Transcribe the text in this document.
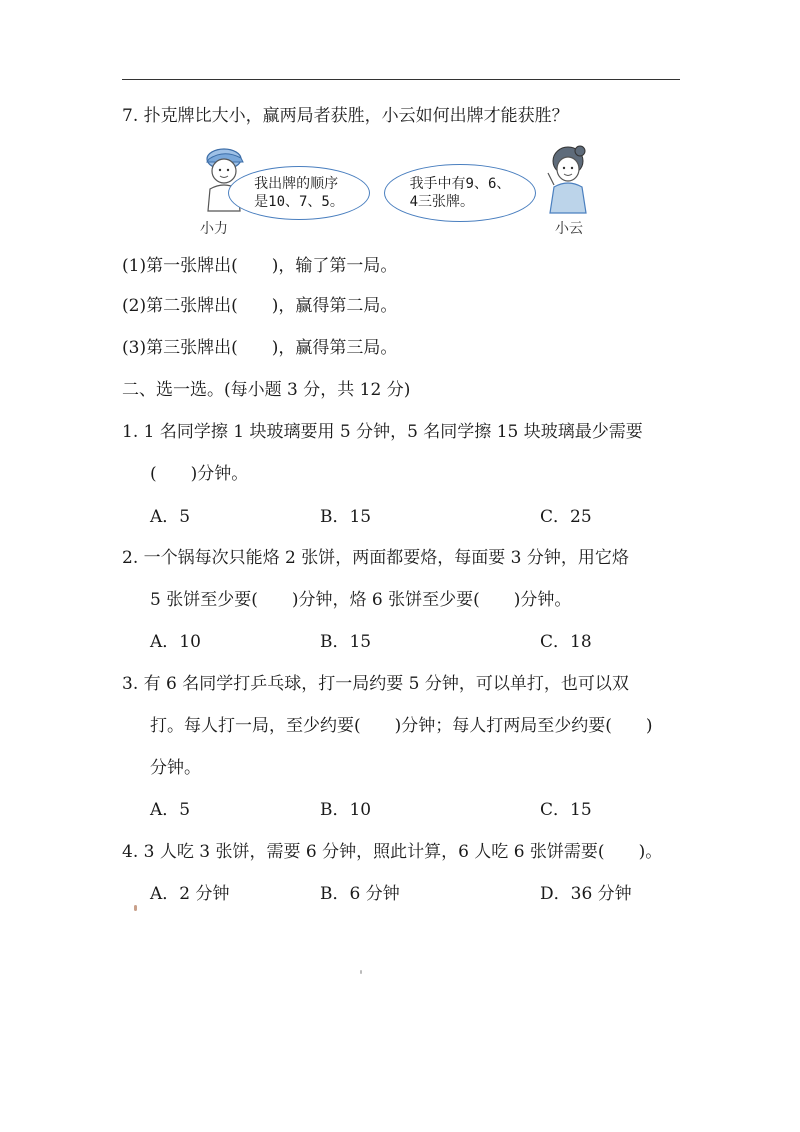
7. 扑克牌比大小，赢两局者获胜，小云如何出牌才能获胜？
我出牌的顺序
是10、7、5。
小力
我手中有9、6、
4三张牌。
小云
(1)第一张牌出(　　)，输了第一局。
(2)第二张牌出(　　)，赢得第二局。
(3)第三张牌出(　　)，赢得第三局。
二、选一选。(每小题 3 分，共 12 分)
1. 1 名同学擦 1 块玻璃要用 5 分钟，5 名同学擦 15 块玻璃最少需要
(　　)分钟。
A．5	B．15	C．25
2. 一个锅每次只能烙 2 张饼，两面都要烙，每面要 3 分钟，用它烙
5 张饼至少要(　　)分钟，烙 6 张饼至少要(　　)分钟。
A．10	B．15	C．18
3. 有 6 名同学打乒乓球，打一局约要 5 分钟，可以单打，也可以双
打。每人打一局，至少约要(　　)分钟；每人打两局至少约要(　　)
分钟。
A．5	B．10	C．15
4. 3 人吃 3 张饼，需要 6 分钟，照此计算，6 人吃 6 张饼需要(　　)。
A．2 分钟	B．6 分钟	D．36 分钟
